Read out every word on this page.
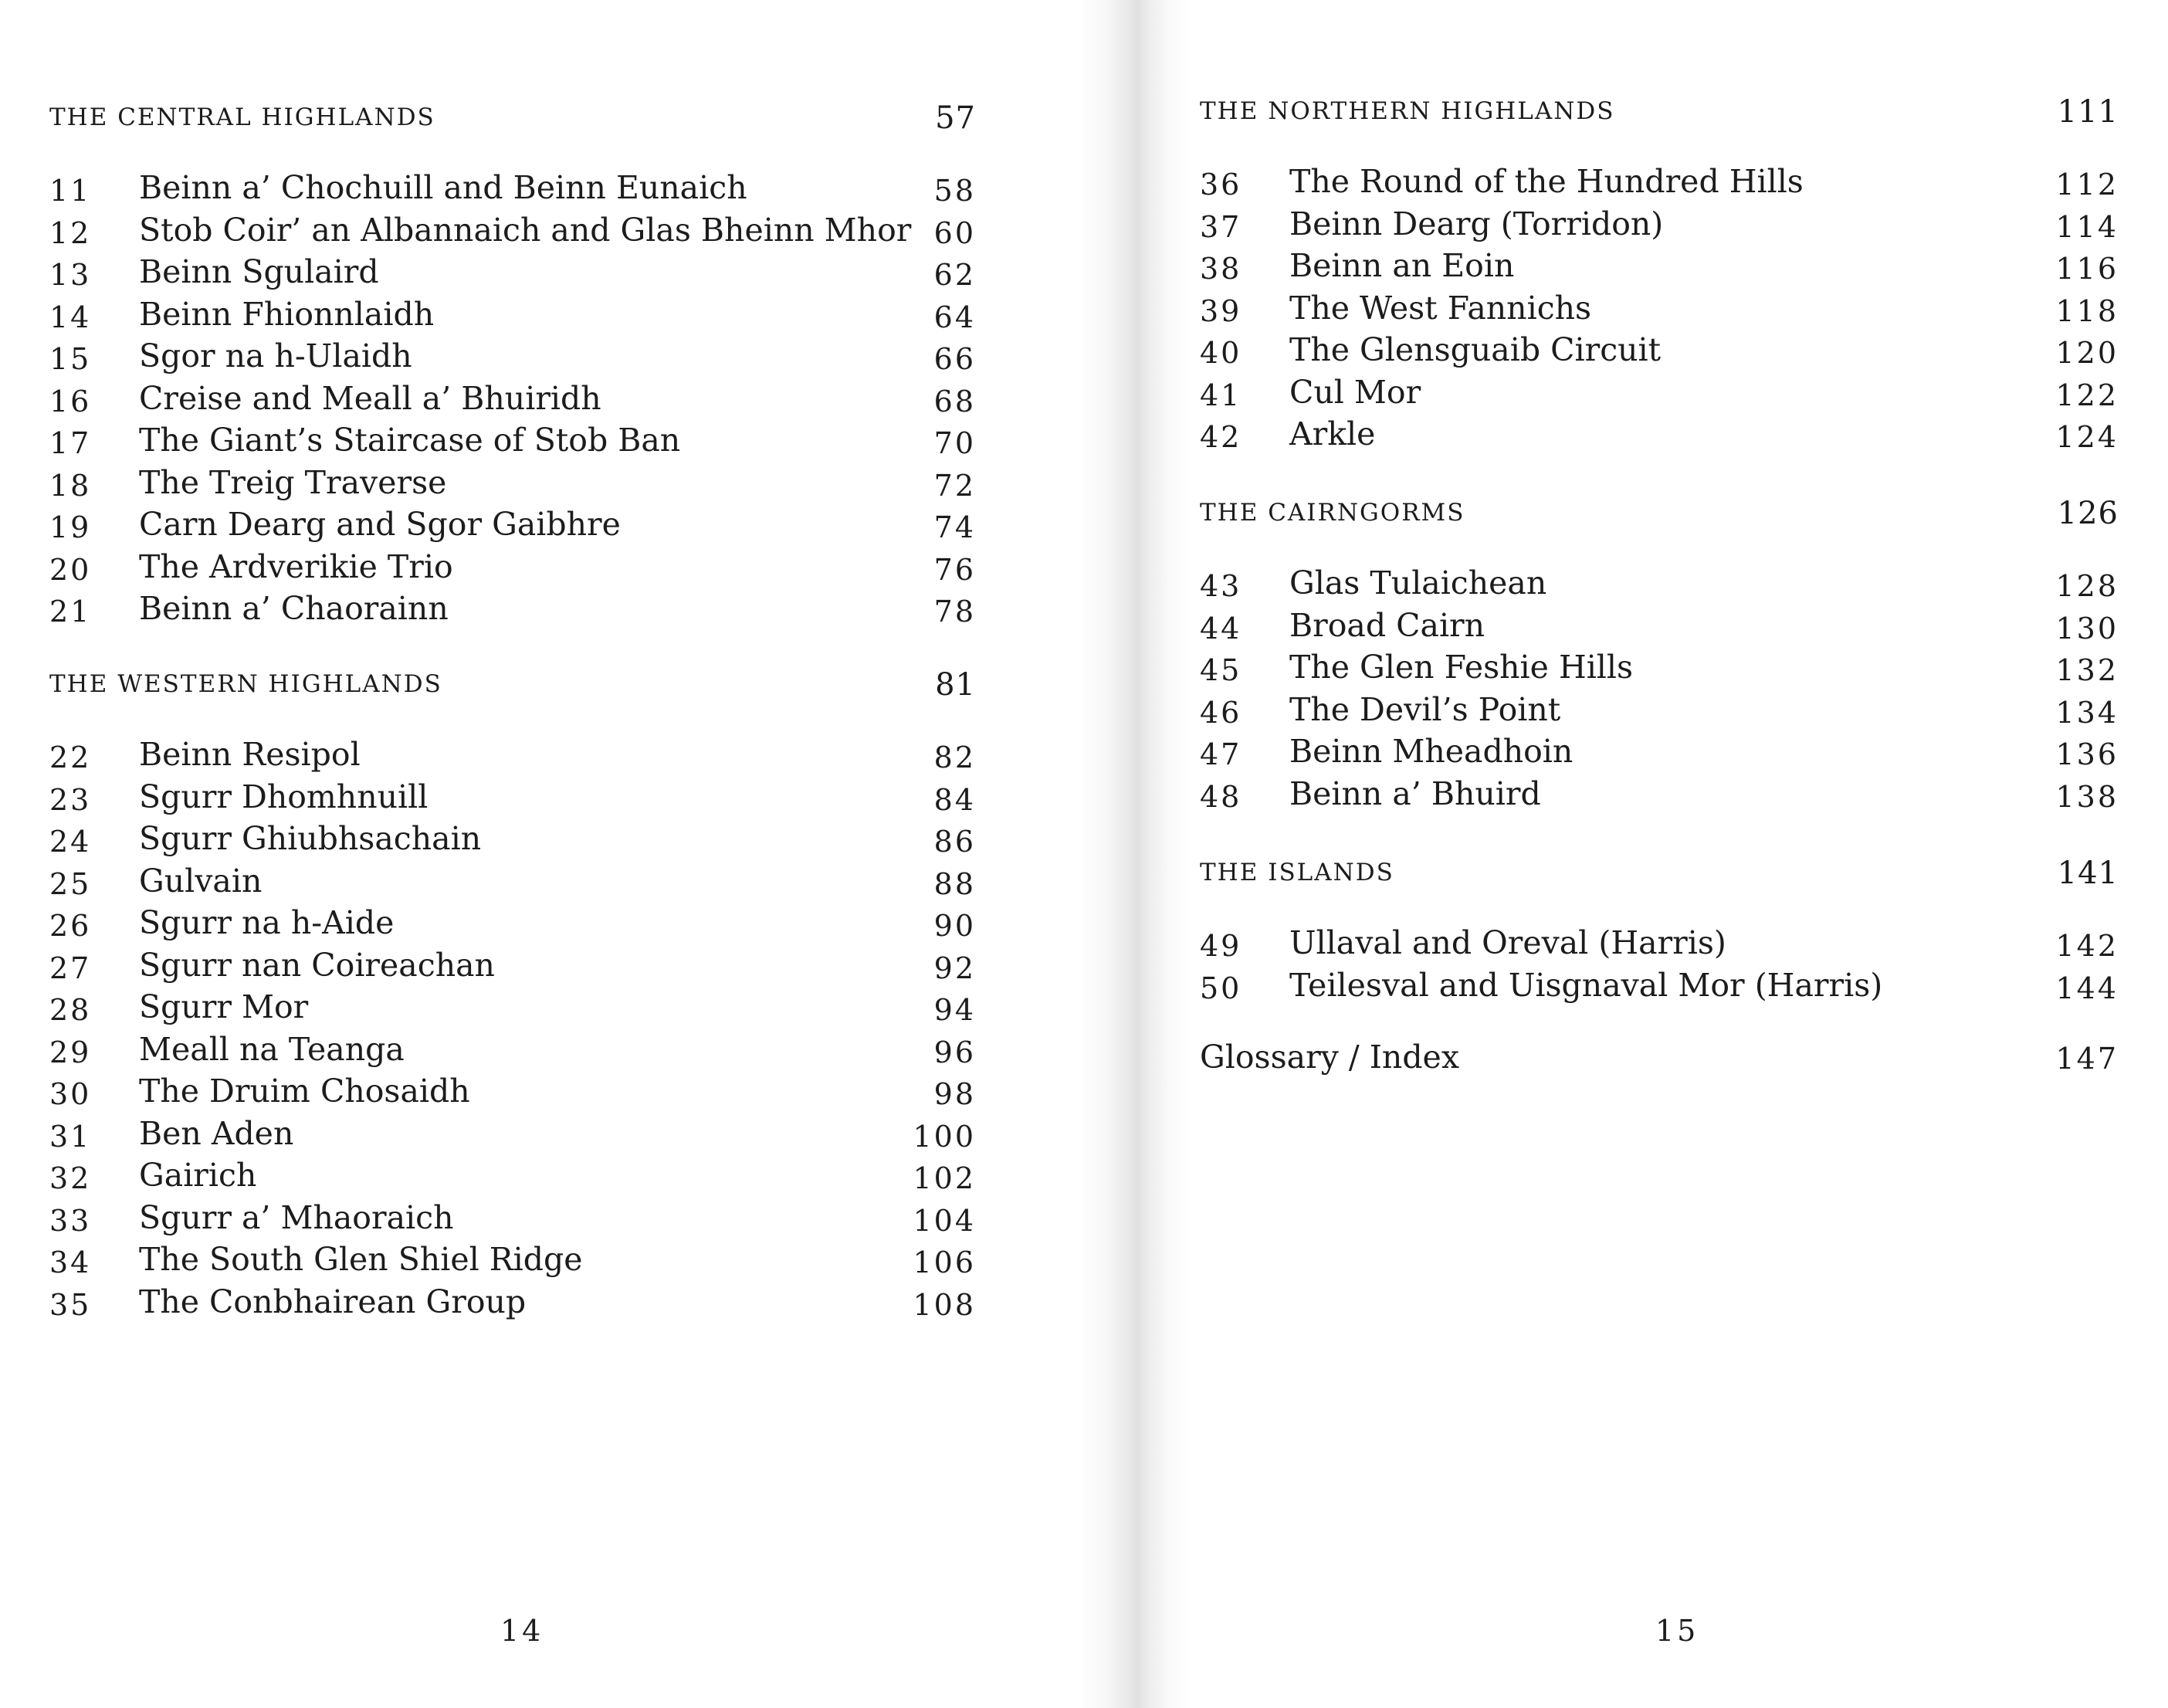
THE CENTRAL HIGHLANDS	57
11 Beinn a’ Chochuill and Beinn Eunaich	58
12 Stob Coir’ an Albannaich and Glas Bheinn Mhor 60
13 Beinn Sgulaird	62
14 Beinn Fhionnlaidh	64
15 Sgor na h-Ulaidh	66
16 Creise and Meall a’ Bhuiridh	68
17 The Giant’s Staircase of Stob Ban	70
18 The Treig Traverse	72
19 Carn Dearg and Sgor Gaibhre	74
20 The Ardverikie Trio	76
21 Beinn a’ Chaorainn	78
THE WESTERN HIGHLANDS	81
22 Beinn Resipol	82
23 Sgurr Dhomhnuill	84
24 Sgurr Ghiubhsachain	86
25 Gulvain	88
26 Sgurr na h-Aide	90
27 Sgurr nan Coireachan	92
28 Sgurr Mor	94
29 Meall na Teanga	96
30 The Druim Chosaidh	98
31 Ben Aden	100
32 Gairich	102
33 Sgurr a’ Mhaoraich	104
34 The South Glen Shiel Ridge	106
35 The Conbhairean Group	108
14
THE NORTHERN HIGHLANDS	111
36 The Round of the Hundred Hills	112
37 Beinn Dearg (Torridon)	114
38 Beinn an Eoin	116
39 The West Fannichs	118
40 The Glensguaib Circuit	120
41 Cul Mor	122
42 Arkle	124
THE CAIRNGORMS	126
43 Glas Tulaichean	128
44 Broad Cairn	130
45 The Glen Feshie Hills	132
46 The Devil’s Point	134
47 Beinn Mheadhoin	136
48 Beinn a’ Bhuird	138
THE ISLANDS	141
49 Ullaval and Oreval (Harris)	142
50 Teilesval and Uisgnaval Mor (Harris)	144
Glossary / Index	147
15
